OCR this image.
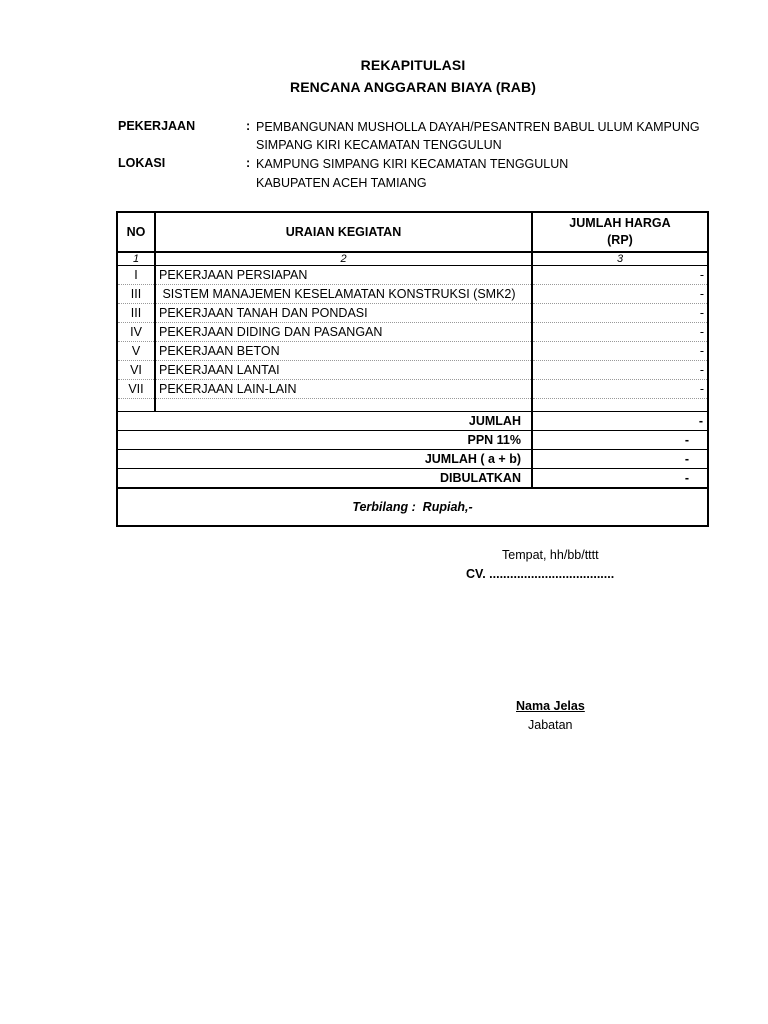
REKAPITULASI
RENCANA ANGGARAN BIAYA (RAB)
PEKERJAAN	: PEMBANGUNAN MUSHOLLA DAYAH/PESANTREN BABUL ULUM KAMPUNG
SIMPANG KIRI KECAMATAN TENGGULUN
LOKASI	: KAMPUNG SIMPANG KIRI KECAMATAN TENGGULUN
KABUPATEN ACEH TAMIANG
NO	URAIAN KEGIATAN	JUMLAH HARGA
(RP)

1	2	3
I	PEKERJAAN PERSIAPAN	-
III	SISTEM MANAJEMEN KESELAMATAN KONSTRUKSI (SMK2)	-
III	PEKERJAAN TANAH DAN PONDASI	-
IV	PEKERJAAN DIDING DAN PASANGAN	-
V	PEKERJAAN BETON	-
VI	PEKERJAAN LANTAI	-
VII	PEKERJAAN LAIN-LAIN	-

JUMLAH		-
PPN 11%		-
JUMLAH ( a + b)		-
DIBULATKAN		-
Terbilang :  Rupiah,-		
Tempat, hh/bb/tttt
CV. ....................................
Nama Jelas
Jabatan
